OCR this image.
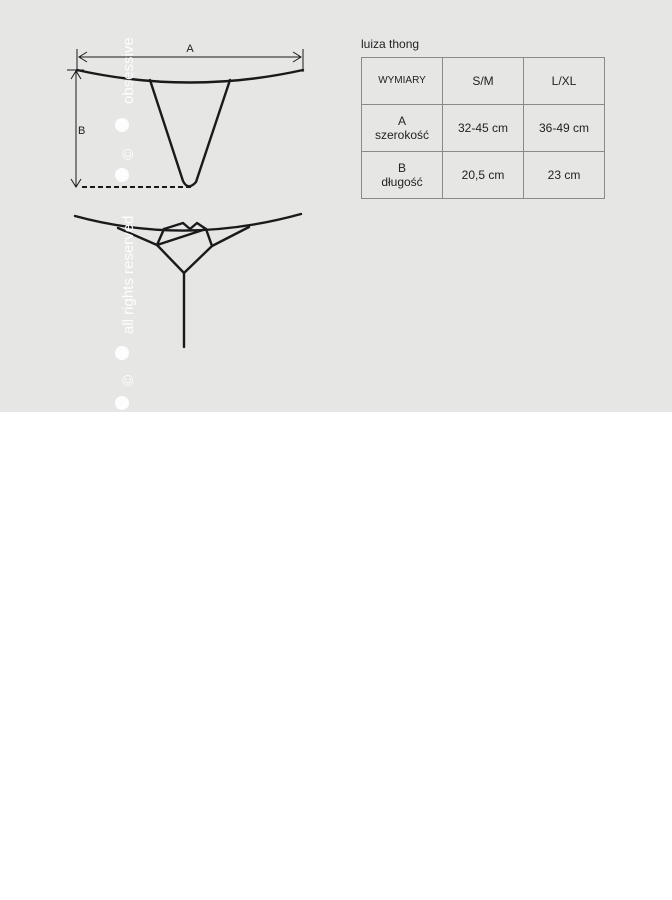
A
B
obsessive
©
all rights reserved
©
luiza thong
WYMIARY	S/M	L/XL

A
szerokość	32-45 cm	36-49 cm

B
długość	20,5 cm	23 cm
